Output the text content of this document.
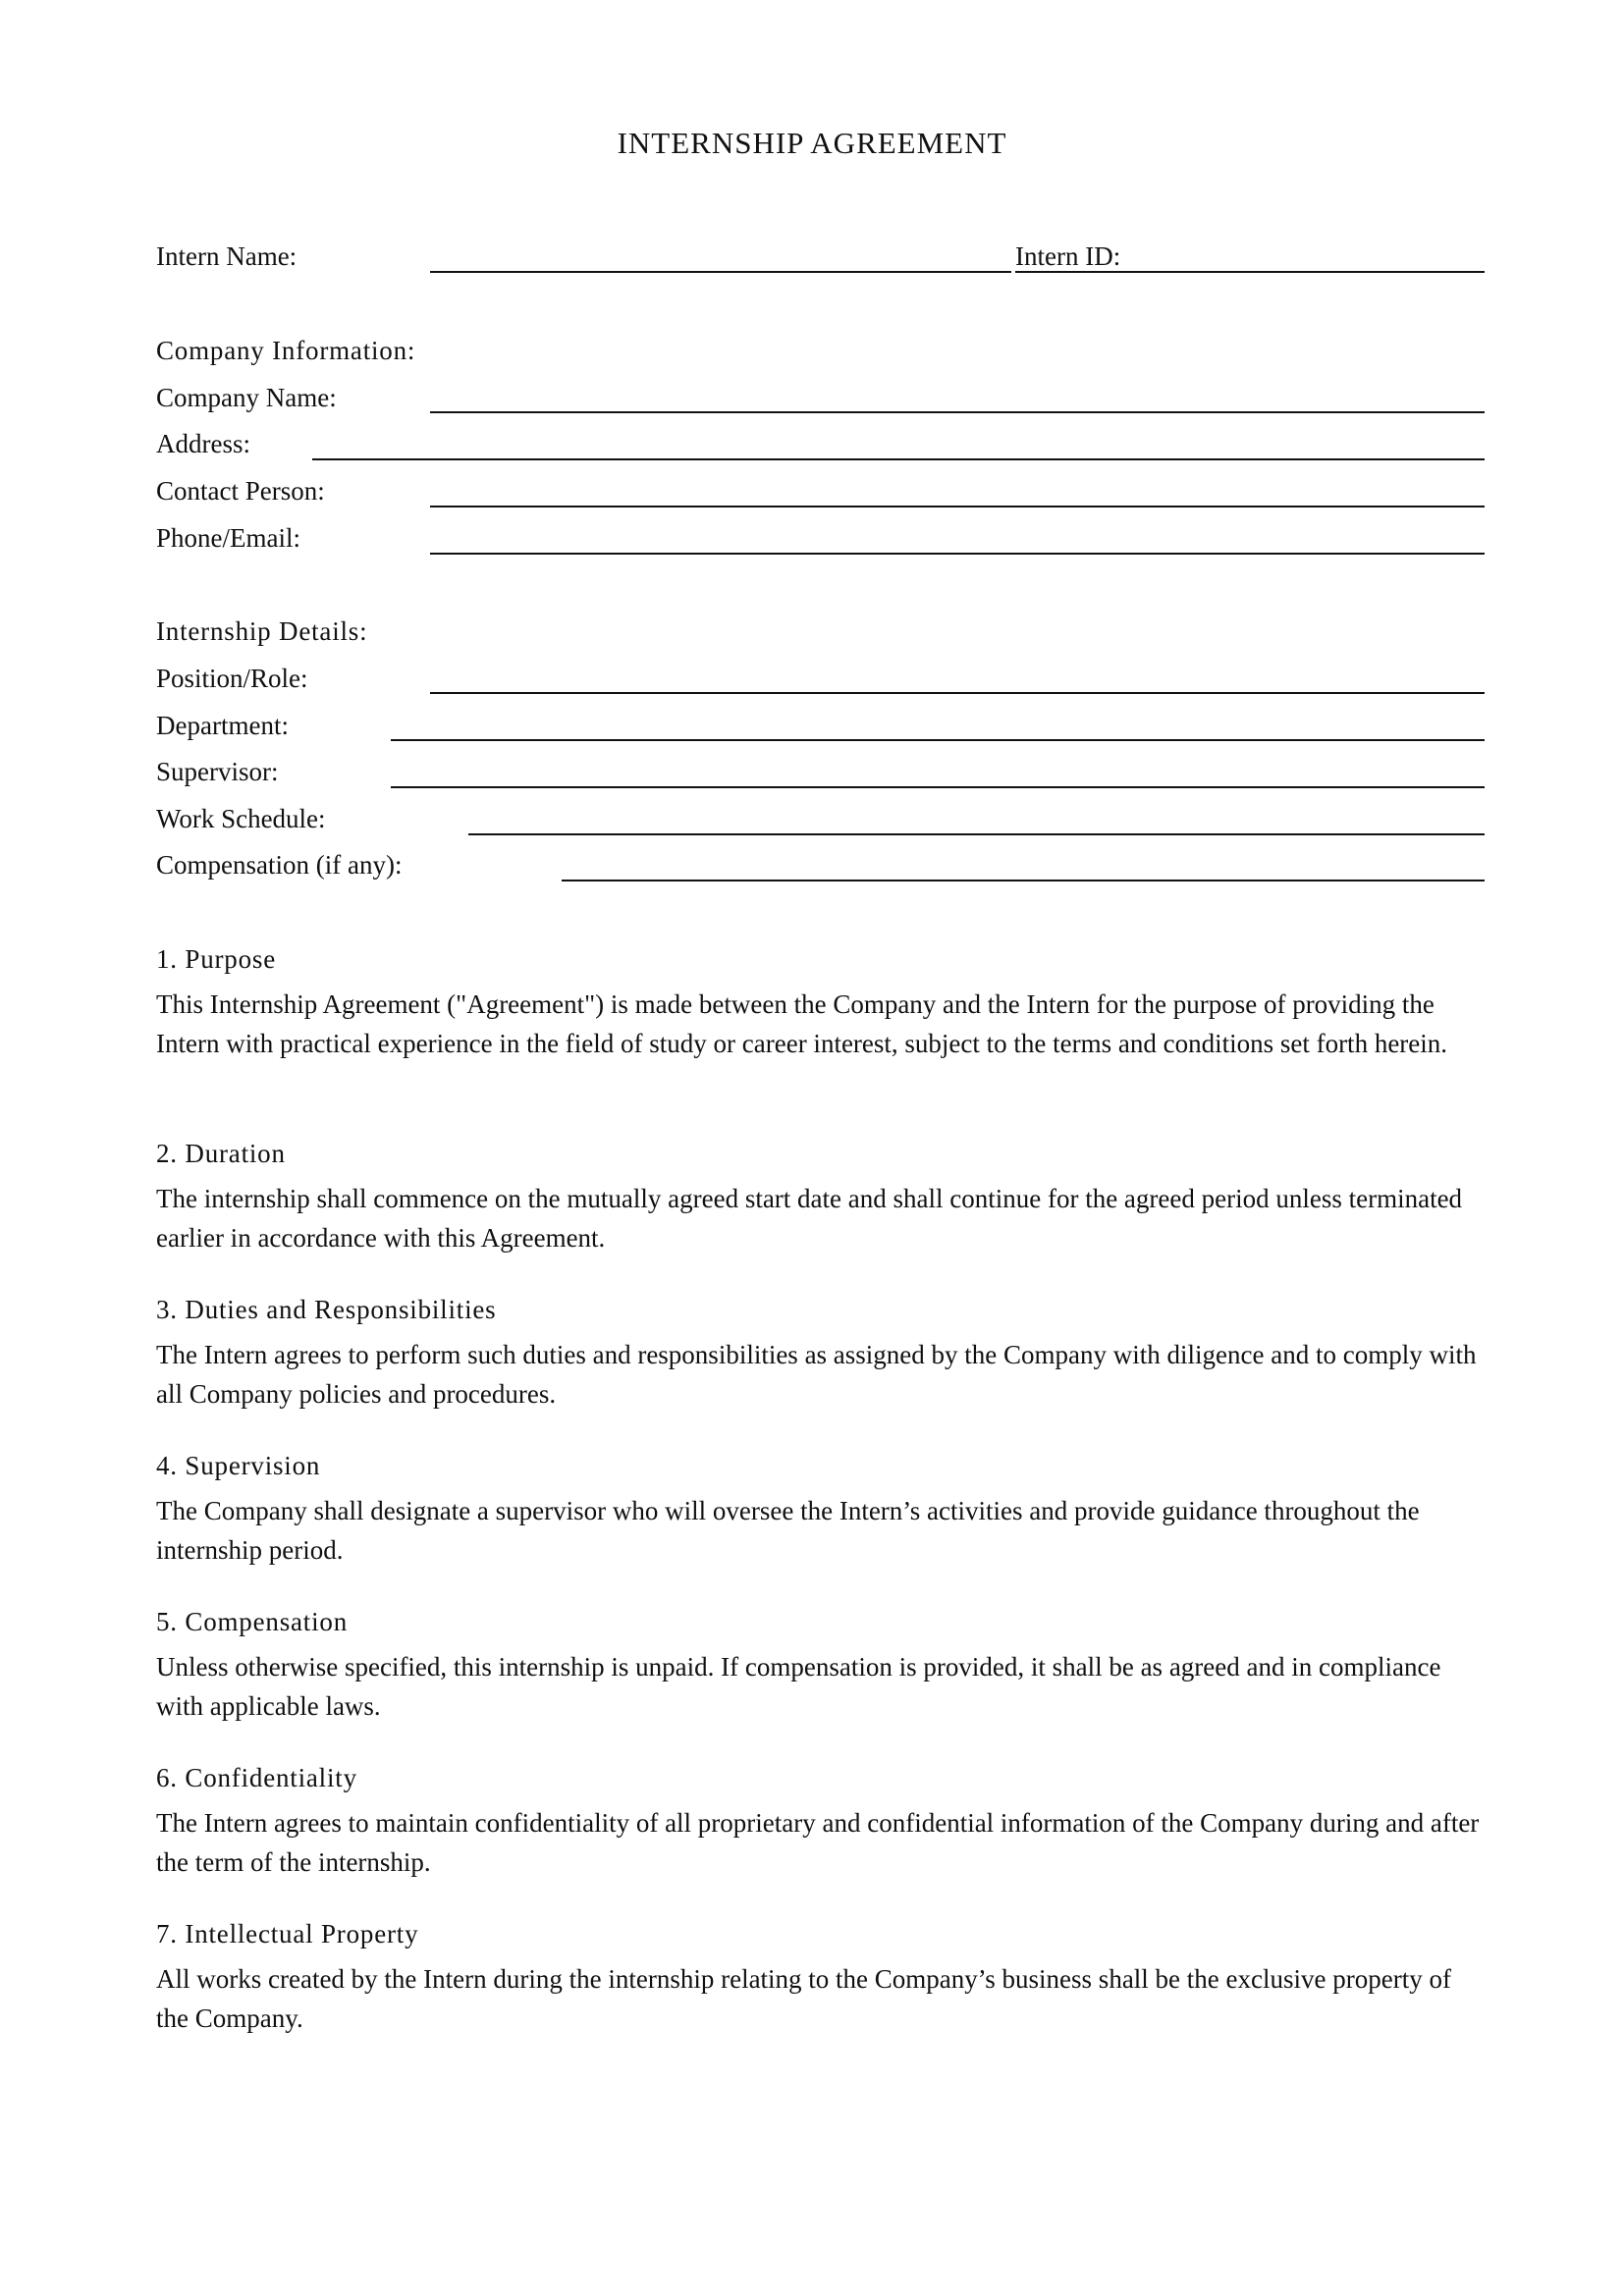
INTERNSHIP AGREEMENT
Intern Name:	Intern ID:
Company Information:
Company Name:
Address:
Contact Person:
Phone/Email:
Internship Details:
Position/Role:
Department:
Supervisor:
Work Schedule:
Compensation (if any):
1. Purpose

This Internship Agreement ("Agreement") is made between the Company and the Intern for the purpose of providing the Intern with practical experience in the field of study or career interest, subject to the terms and conditions set forth herein.

2. Duration

The internship shall commence on the mutually agreed start date and shall continue for the agreed period unless terminated earlier in accordance with this Agreement.

3. Duties and Responsibilities

The Intern agrees to perform such duties and responsibilities as assigned by the Company with diligence and to comply with all Company policies and procedures.

4. Supervision

The Company shall designate a supervisor who will oversee the Intern’s activities and provide guidance throughout the internship period.

5. Compensation

Unless otherwise specified, this internship is unpaid. If compensation is provided, it shall be as agreed and in compliance with applicable laws.

6. Confidentiality

The Intern agrees to maintain confidentiality of all proprietary and confidential information of the Company during and after the term of the internship.

7. Intellectual Property

All works created by the Intern during the internship relating to the Company’s business shall be the exclusive property of the Company.
